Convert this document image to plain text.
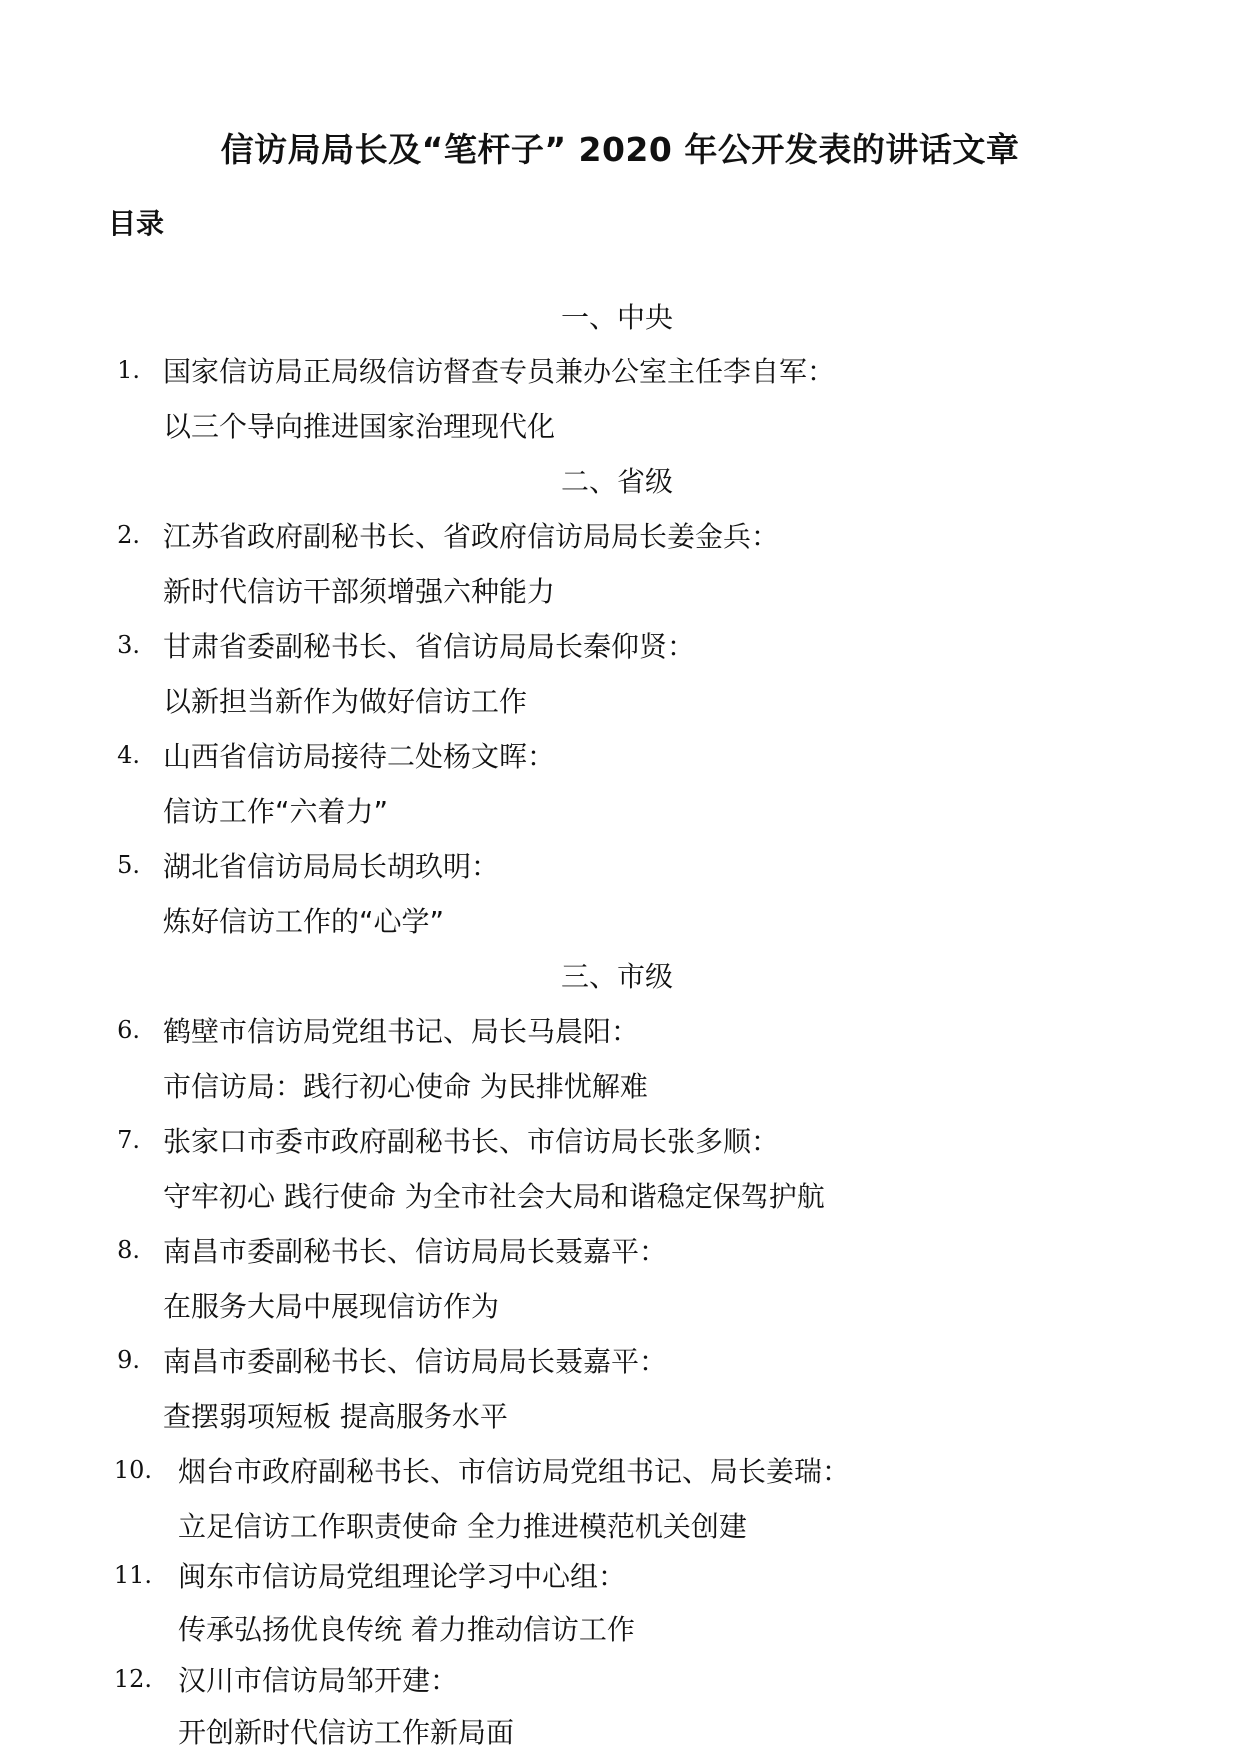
信访局局长及“笔杆子” 2020 年公开发表的讲话文章
目录
一、中央
1. 国家信访局正局级信访督查专员兼办公室主任李自军：
以三个导向推进国家治理现代化
二、省级
2. 江苏省政府副秘书长、省政府信访局局长姜金兵：
新时代信访干部须增强六种能力
3. 甘肃省委副秘书长、省信访局局长秦仰贤：
以新担当新作为做好信访工作
4. 山西省信访局接待二处杨文晖：
信访工作“六着力”
5. 湖北省信访局局长胡玖明：
炼好信访工作的“心学”
三、市级
6. 鹤壁市信访局党组书记、局长马晨阳：
市信访局：践行初心使命 为民排忧解难
7. 张家口市委市政府副秘书长、市信访局长张多顺：
守牢初心 践行使命 为全市社会大局和谐稳定保驾护航
8. 南昌市委副秘书长、信访局局长聂嘉平：
在服务大局中展现信访作为
9. 南昌市委副秘书长、信访局局长聂嘉平：
查摆弱项短板 提高服务水平
10. 烟台市政府副秘书长、市信访局党组书记、局长姜瑞：
立足信访工作职责使命 全力推进模范机关创建
11. 闽东市信访局党组理论学习中心组：
传承弘扬优良传统 着力推动信访工作
12. 汉川市信访局邹开建：
开创新时代信访工作新局面
